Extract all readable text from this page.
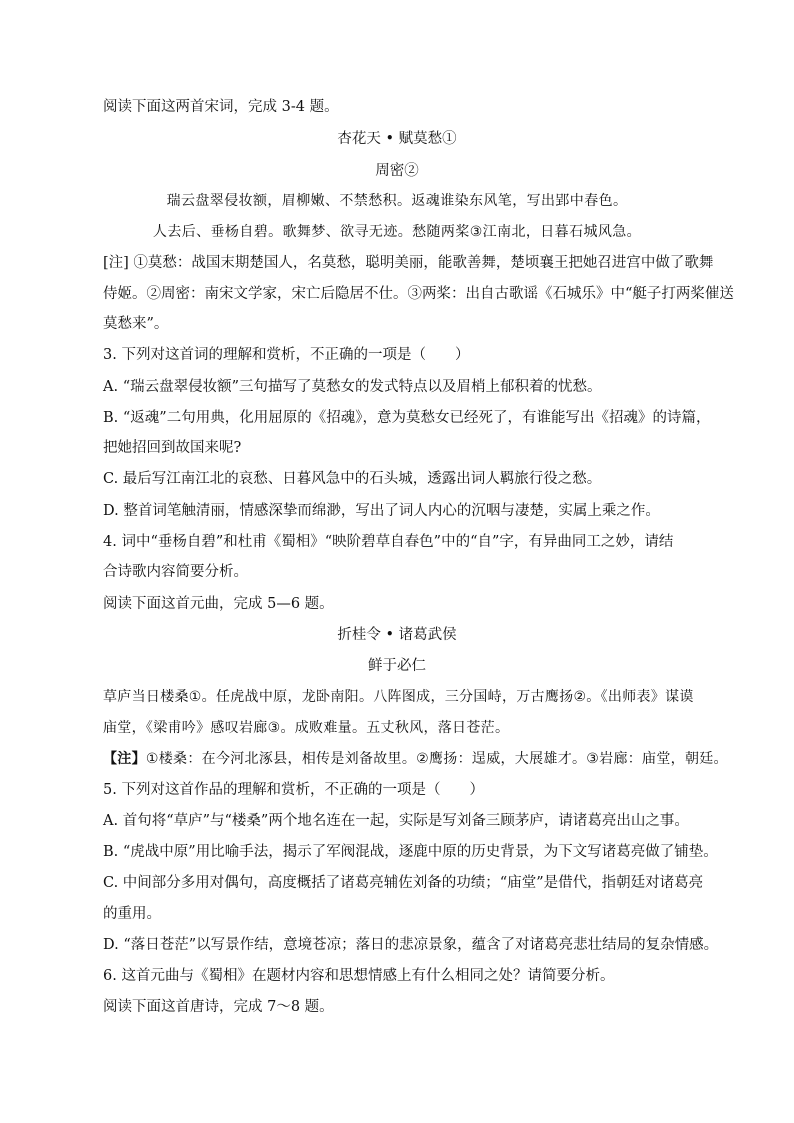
阅读下面这两首宋词，完成 3-4 题。
杏花天 • 赋莫愁①
周密②
瑞云盘翠侵妆额，眉柳嫩、不禁愁积。返魂谁染东风笔，写出郢中春色。
人去后、垂杨自碧。歌舞梦、欲寻无迹。愁随两桨③江南北，日暮石城风急。
[注] ①莫愁：战国末期楚国人，名莫愁，聪明美丽，能歌善舞，楚顷襄王把她召进宫中做了歌舞
侍姬。②周密：南宋文学家，宋亡后隐居不仕。③两桨：出自古歌谣《石城乐》中“艇子打两桨催送
莫愁来”。
3. 下列对这首词的理解和赏析，不正确的一项是（　　）
A. “瑞云盘翠侵妆额”三句描写了莫愁女的发式特点以及眉梢上郁积着的忧愁。
B. “返魂”二句用典，化用屈原的《招魂》，意为莫愁女已经死了，有谁能写出《招魂》的诗篇，
把她招回到故国来呢?
C. 最后写江南江北的哀愁、日暮风急中的石头城，透露出词人羁旅行役之愁。
D. 整首词笔触清丽，情感深挚而绵渺，写出了词人内心的沉咽与凄楚，实属上乘之作。
4. 词中“垂杨自碧”和杜甫《蜀相》“映阶碧草自春色”中的“自”字，有异曲同工之妙，请结
合诗歌内容简要分析。
阅读下面这首元曲，完成 5—6 题。
折桂令 • 诸葛武侯
鲜于必仁
草庐当日楼桑①。任虎战中原，龙卧南阳。八阵图成，三分国峙，万古鹰扬②。《出师表》谋谟
庙堂，《梁甫吟》感叹岩廊③。成败难量。五丈秋风，落日苍茫。
【注】①楼桑：在今河北涿县，相传是刘备故里。②鹰扬：逞威，大展雄才。③岩廊：庙堂，朝廷。
5. 下列对这首作品的理解和赏析，不正确的一项是（　　）
A. 首句将“草庐”与“楼桑”两个地名连在一起，实际是写刘备三顾茅庐，请诸葛亮出山之事。
B. “虎战中原”用比喻手法，揭示了军阀混战，逐鹿中原的历史背景，为下文写诸葛亮做了铺垫。
C. 中间部分多用对偶句，高度概括了诸葛亮辅佐刘备的功绩；“庙堂”是借代，指朝廷对诸葛亮
的重用。
D. “落日苍茫”以写景作结，意境苍凉；落日的悲凉景象，蕴含了对诸葛亮悲壮结局的复杂情感。
6. 这首元曲与《蜀相》在题材内容和思想情感上有什么相同之处？请简要分析。
阅读下面这首唐诗，完成 7～8 题。
